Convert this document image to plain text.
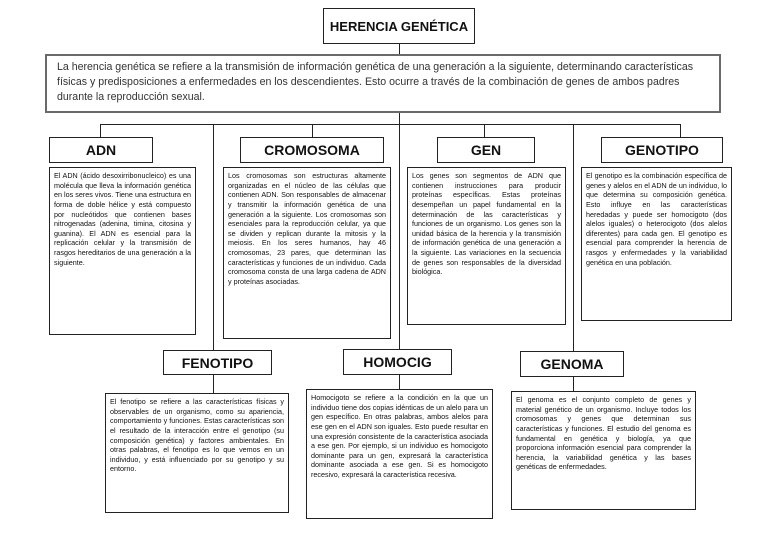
HERENCIA GENÉTICA
La herencia genética se refiere a la transmisión de información genética de una generación a la siguiente, determinando características físicas y predisposiciones a enfermedades en los descendientes. Esto ocurre a través de la combinación de genes de ambos padres durante la reproducción sexual.
ADN
El ADN (ácido desoxirribonucleico) es una molécula que lleva la información genética en los seres vivos. Tiene una estructura en forma de doble hélice y está compuesto por nucleótidos que contienen bases nitrogenadas (adenina, timina, citosina y guanina). El ADN es esencial para la replicación celular y la transmisión de rasgos hereditarios de una generación a la siguiente.
CROMOSOMA
Los cromosomas son estructuras altamente organizadas en el núcleo de las células que contienen ADN. Son responsables de almacenar y transmitir la información genética de una generación a la siguiente. Los cromosomas son esenciales para la reproducción celular, ya que se dividen y replican durante la mitosis y la meiosis. En los seres humanos, hay 46 cromosomas, 23 pares, que determinan las características y funciones de un individuo. Cada cromosoma consta de una larga cadena de ADN y proteínas asociadas.
GEN
Los genes son segmentos de ADN que contienen instrucciones para producir proteínas específicas. Estas proteínas desempeñan un papel fundamental en la determinación de las características y funciones de un organismo. Los genes son la unidad básica de la herencia y la transmisión de información genética de una generación a la siguiente. Las variaciones en la secuencia de genes son responsables de la diversidad biológica.
GENOTIPO
El genotipo es la combinación específica de genes y alelos en el ADN de un individuo, lo que determina su composición genética. Esto influye en las características heredadas y puede ser homocigoto (dos alelos iguales) o heterocigoto (dos alelos diferentes) para cada gen. El genotipo es esencial para comprender la herencia de rasgos y enfermedades y la variabilidad genética en una población.
FENOTIPO
El fenotipo se refiere a las características físicas y observables de un organismo, como su apariencia, comportamiento y funciones. Estas características son el resultado de la interacción entre el genotipo (su composición genética) y factores ambientales. En otras palabras, el fenotipo es lo que vemos en un individuo, y está influenciado por su genotipo y su entorno.
HOMOCIG
Homocigoto se refiere a la condición en la que un individuo tiene dos copias idénticas de un alelo para un gen específico. En otras palabras, ambos alelos para ese gen en el ADN son iguales. Esto puede resultar en una expresión consistente de la característica asociada a ese gen. Por ejemplo, si un individuo es homocigoto dominante para un gen, expresará la característica dominante asociada a ese gen. Si es homocigoto recesivo, expresará la característica recesiva.
GENOMA
El genoma es el conjunto completo de genes y material genético de un organismo. Incluye todos los cromosomas y genes que determinan sus características y funciones. El estudio del genoma es fundamental en genética y biología, ya que proporciona información esencial para comprender la herencia, la variabilidad genética y las bases genéticas de enfermedades.
